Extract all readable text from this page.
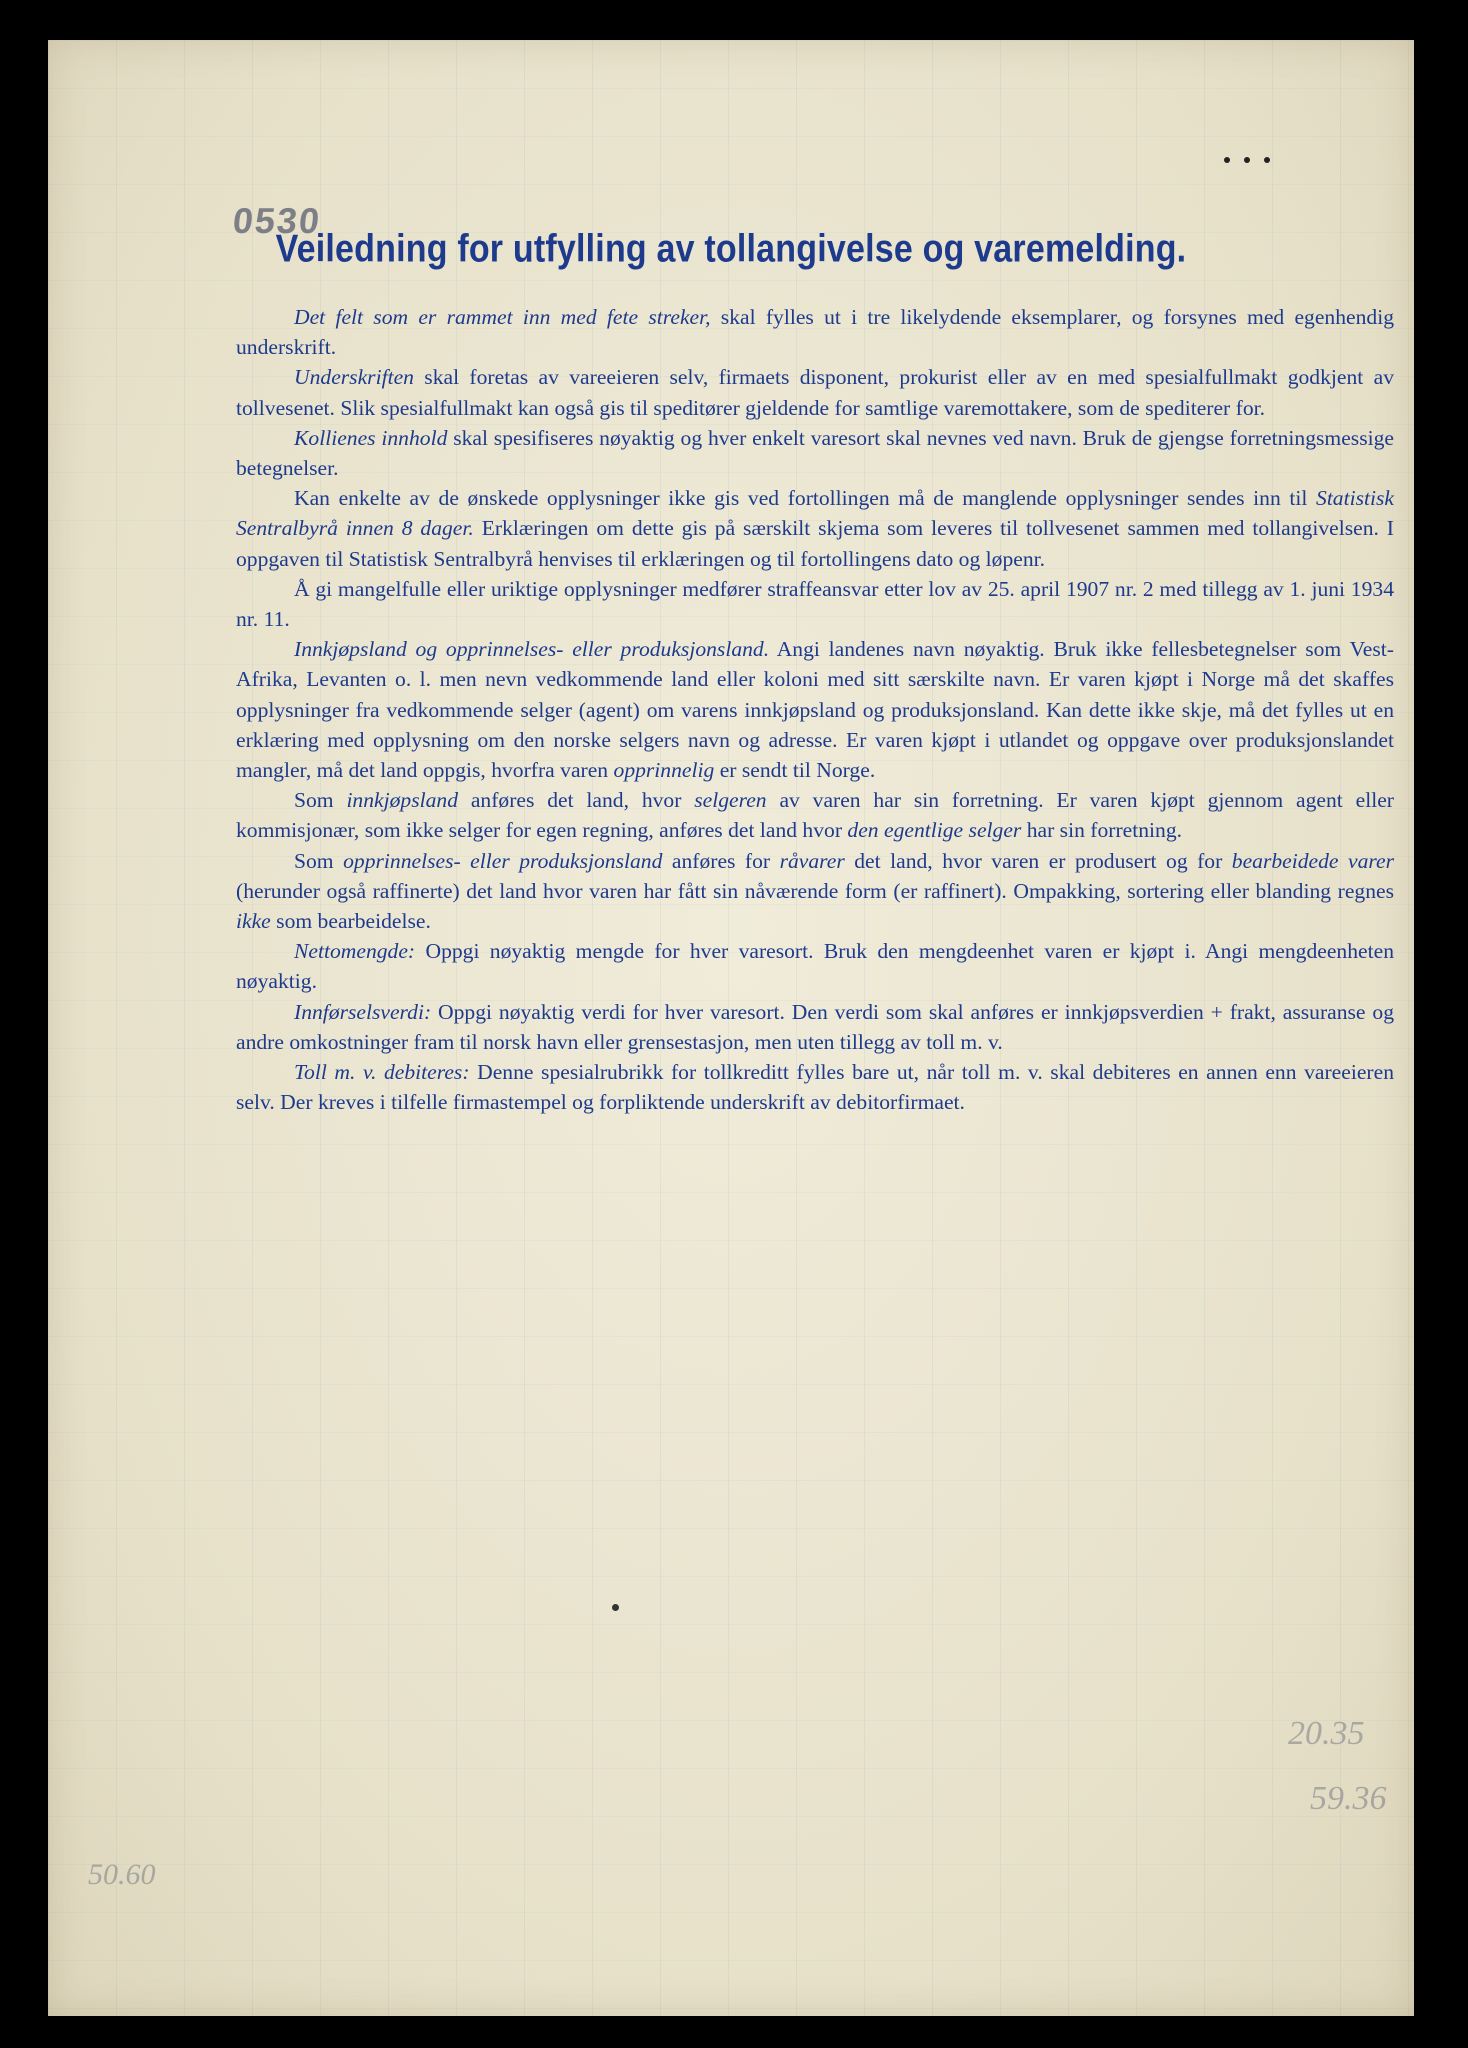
0530
Veiledning for utfylling av tollangivelse og varemelding.

Det felt som er rammet inn med fete streker, skal fylles ut i tre likelydende eksemplarer, og forsynes med egenhendig underskrift.

Underskriften skal foretas av vareeieren selv, firmaets disponent, prokurist eller av en med spesialfullmakt godkjent av tollvesenet. Slik spesialfullmakt kan også gis til speditører gjeldende for samtlige varemottakere, som de spediterer for.

Kollienes innhold skal spesifiseres nøyaktig og hver enkelt varesort skal nevnes ved navn. Bruk de gjengse forretningsmessige betegnelser.

Kan enkelte av de ønskede opplysninger ikke gis ved fortollingen må de manglende opplysninger sendes inn til Statistisk Sentralbyrå innen 8 dager. Erklæringen om dette gis på særskilt skjema som leveres til tollvesenet sammen med tollangivelsen. I oppgaven til Statistisk Sentralbyrå henvises til erklæringen og til fortollingens dato og løpenr.

Å gi mangelfulle eller uriktige opplysninger medfører straffeansvar etter lov av 25. april 1907 nr. 2 med tillegg av 1. juni 1934 nr. 11.

Innkjøpsland og opprinnelses- eller produksjonsland. Angi landenes navn nøyaktig. Bruk ikke fellesbetegnelser som Vest-Afrika, Levanten o. l. men nevn vedkommende land eller koloni med sitt særskilte navn. Er varen kjøpt i Norge må det skaffes opplysninger fra vedkommende selger (agent) om varens innkjøpsland og produksjonsland. Kan dette ikke skje, må det fylles ut en erklæring med opplysning om den norske selgers navn og adresse. Er varen kjøpt i utlandet og oppgave over produksjonslandet mangler, må det land oppgis, hvorfra varen opprinnelig er sendt til Norge.

Som innkjøpsland anføres det land, hvor selgeren av varen har sin forretning. Er varen kjøpt gjennom agent eller kommisjonær, som ikke selger for egen regning, anføres det land hvor den egentlige selger har sin forretning.

Som opprinnelses- eller produksjonsland anføres for råvarer det land, hvor varen er produsert og for bearbeidede varer (herunder også raffinerte) det land hvor varen har fått sin nåværende form (er raffinert). Ompakking, sortering eller blanding regnes ikke som bearbeidelse.

Nettomengde: Oppgi nøyaktig mengde for hver varesort. Bruk den mengdeenhet varen er kjøpt i. Angi mengdeenheten nøyaktig.

Innførselsverdi: Oppgi nøyaktig verdi for hver varesort. Den verdi som skal anføres er innkjøpsverdien + frakt, assuranse og andre omkostninger fram til norsk havn eller grensestasjon, men uten tillegg av toll m. v.

Toll m. v. debiteres: Denne spesialrubrikk for tollkreditt fylles bare ut, når toll m. v. skal debiteres en annen enn vareeieren selv. Der kreves i tilfelle firmastempel og forpliktende underskrift av debitorfirmaet.

20.35
59.36
50.60
